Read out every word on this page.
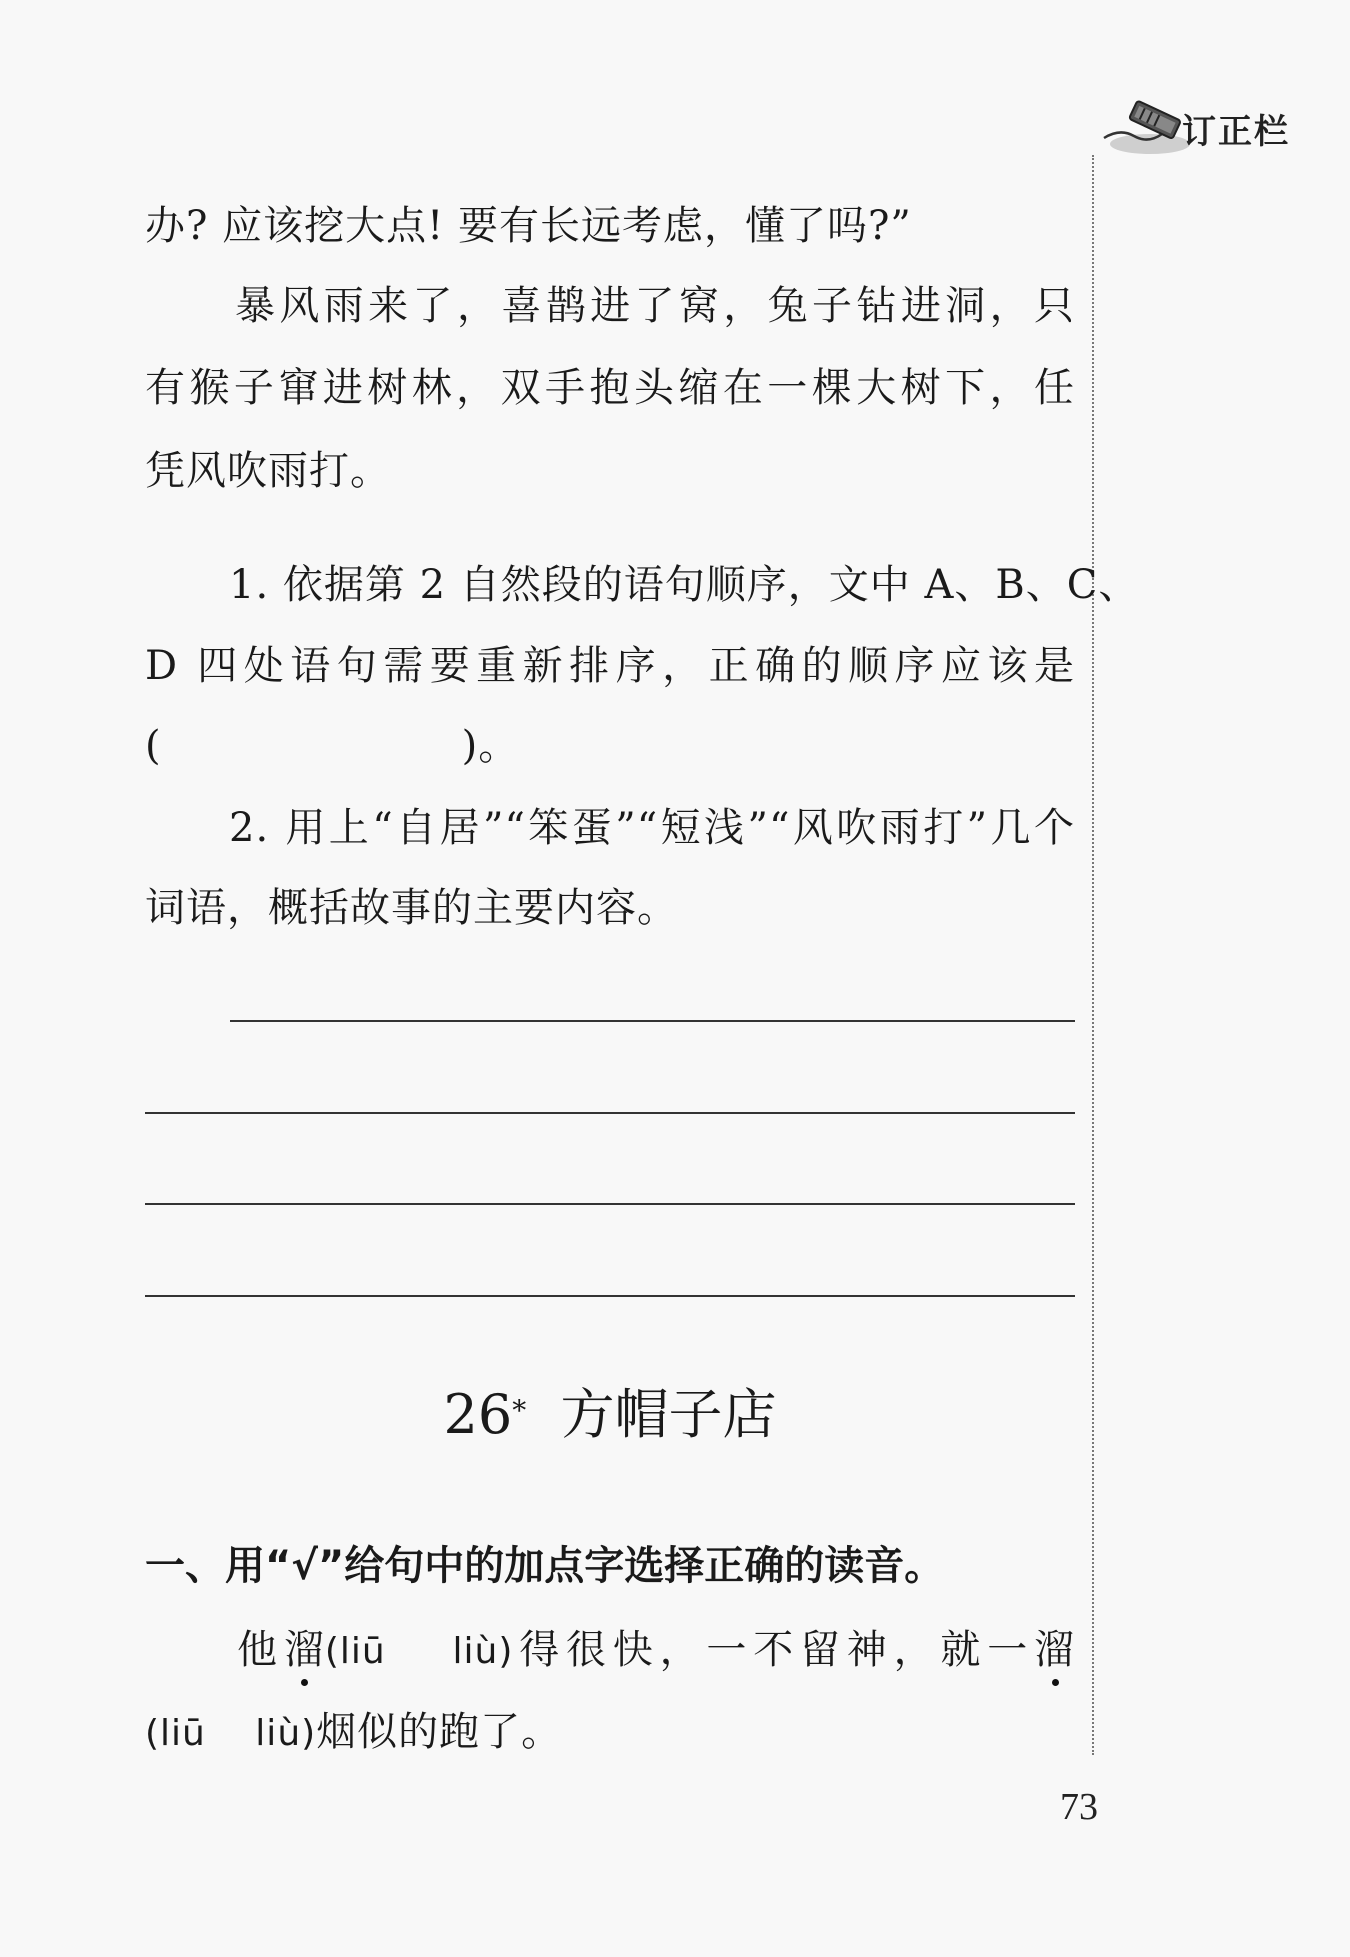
订正栏
办? 应该挖大点! 要有长远考虑，懂了吗?”
暴风雨来了，喜鹊进了窝，兔子钻进洞，只
有猴子窜进树林，双手抱头缩在一棵大树下，任
凭风吹雨打。
1. 依据第 2 自然段的语句顺序，文中 A、B、C、
D 四处语句需要重新排序，正确的顺序应该是
(	)。
2. 用上“自居”“笨蛋”“短浅”“风吹雨打”几个
词语，概括故事的主要内容。
26* 方帽子店
一、用“√”给句中的加点字选择正确的读音。
他溜(liū　 liù)得很快，一不留神，就一溜
(liū　 liù)烟似的跑了。
73
